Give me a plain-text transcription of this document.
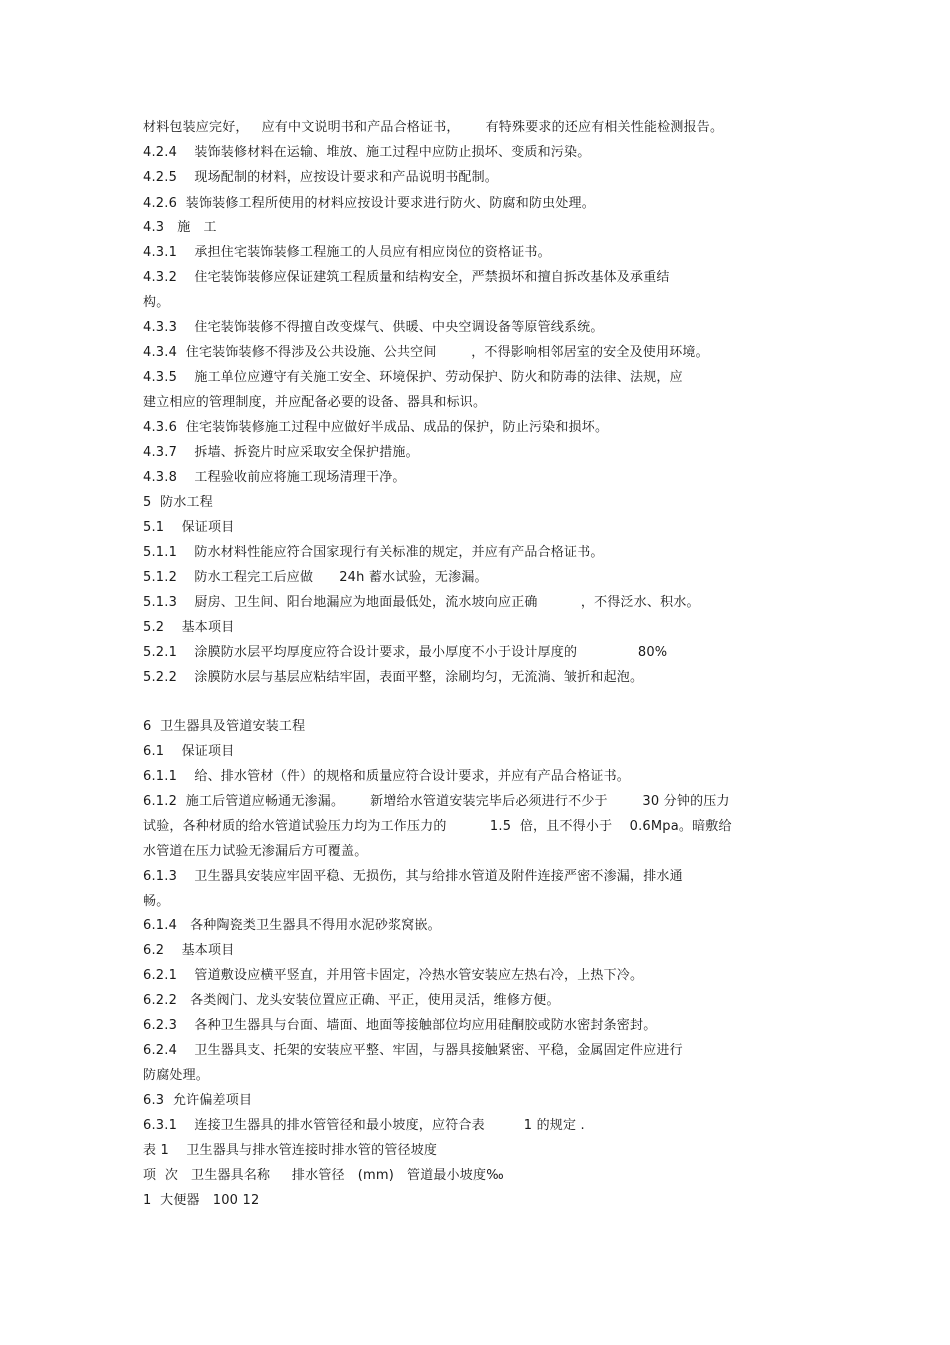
材料包装应完好，   应有中文说明书和产品合格证书，      有特殊要求的还应有相关性能检测报告。
4.2.4    装饰装修材料在运输、堆放、施工过程中应防止损坏、变质和污染。
4.2.5    现场配制的材料，应按设计要求和产品说明书配制。
4.2.6  装饰装修工程所使用的材料应按设计要求进行防火、防腐和防虫处理。
4.3   施   工
4.3.1    承担住宅装饰装修工程施工的人员应有相应岗位的资格证书。
4.3.2    住宅装饰装修应保证建筑工程质量和结构安全，严禁损坏和擅自拆改基体及承重结
构。
4.3.3    住宅装饰装修不得擅自改变煤气、供暖、中央空调设备等原管线系统。
4.3.4  住宅装饰装修不得涉及公共设施、公共空间        ，不得影响相邻居室的安全及使用环境。
4.3.5    施工单位应遵守有关施工安全、环境保护、劳动保护、防火和防毒的法律、法规，应
建立相应的管理制度，并应配备必要的设备、器具和标识。
4.3.6  住宅装饰装修施工过程中应做好半成品、成品的保护，防止污染和损坏。
4.3.7    拆墙、拆瓷片时应采取安全保护措施。
4.3.8    工程验收前应将施工现场清理干净。
5  防水工程
5.1    保证项目
5.1.1    防水材料性能应符合国家现行有关标准的规定，并应有产品合格证书。
5.1.2    防水工程完工后应做      24h 蓄水试验，无渗漏。
5.1.3    厨房、卫生间、阳台地漏应为地面最低处，流水坡向应正确          ，不得泛水、积水。
5.2    基本项目
5.2.1    涂膜防水层平均厚度应符合设计要求，最小厚度不小于设计厚度的              80%
5.2.2    涂膜防水层与基层应粘结牢固，表面平整，涂刷均匀，无流淌、皱折和起泡。
6  卫生器具及管道安装工程
6.1    保证项目
6.1.1    给、排水管材（件）的规格和质量应符合设计要求，并应有产品合格证书。
6.1.2  施工后管道应畅通无渗漏。      新增给水管道安装完毕后必须进行不少于        30 分钟的压力
试验，各种材质的给水管道试验压力均为工作压力的          1.5  倍，且不得小于    0.6Mpa。暗敷给
水管道在压力试验无渗漏后方可覆盖。
6.1.3    卫生器具安装应牢固平稳、无损伤，其与给排水管道及附件连接严密不渗漏，排水通
畅。
6.1.4   各种陶瓷类卫生器具不得用水泥砂浆窝嵌。
6.2    基本项目
6.2.1    管道敷设应横平竖直，并用管卡固定，冷热水管安装应左热右冷，上热下冷。
6.2.2   各类阀门、龙头安装位置应正确、平正，使用灵活，维修方便。
6.2.3    各种卫生器具与台面、墙面、地面等接触部位均应用硅酮胶或防水密封条密封。
6.2.4    卫生器具支、托架的安装应平整、牢固，与器具接触紧密、平稳，金属固定件应进行
防腐处理。
6.3  允许偏差项目
6.3.1    连接卫生器具的排水管管径和最小坡度，应符合表         1 的规定 .
表 1    卫生器具与排水管连接时排水管的管径坡度
项  次   卫生器具名称     排水管径   (mm)   管道最小坡度‰
1  大便器   100 12
